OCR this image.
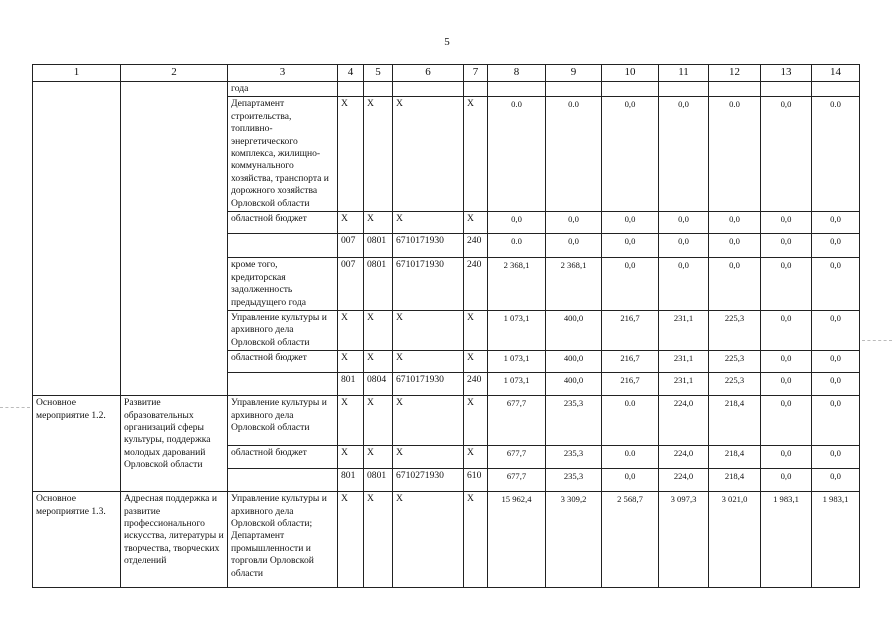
5
1	2	3	4	5	6	7	8	9	10	11	12	13	14
		года											
		Департамент строительства, топливно-энергетического комплекса, жилищно-коммунального хозяйства, транспорта и дорожного хозяйства Орловской области	X	X	X	X	0.0	0.0	0,0	0,0	0.0	0,0	0.0
		областной бюджет	X	X	X	X	0,0	0,0	0,0	0,0	0,0	0,0	0,0
			007	0801	6710171930	240	0.0	0,0	0,0	0,0	0,0	0,0	0,0
		кроме того, кредиторская задолженность предыдущего года	007	0801	6710171930	240	2 368,1	2 368,1	0,0	0,0	0,0	0,0	0,0
		Управление культуры и архивного дела Орловской области	X	X	X	X	1 073,1	400,0	216,7	231,1	225,3	0,0	0,0
		областной бюджет	X	X	X	X	1 073,1	400,0	216,7	231,1	225,3	0,0	0,0
			801	0804	6710171930	240	1 073,1	400,0	216,7	231,1	225,3	0,0	0,0
Основное мероприятие 1.2.	Развитие образовательных организаций сферы культуры, поддержка молодых дарований Орловской области	Управление культуры и архивного дела Орловской области	X	X	X	X	677,7	235,3	0.0	224,0	218,4	0,0	0,0
		областной бюджет	X	X	X	X	677,7	235,3	0.0	224,0	218,4	0,0	0,0
			801	0801	6710271930	610	677,7	235,3	0,0	224,0	218,4	0,0	0,0
Основное мероприятие 1.3.	Адресная поддержка и развитие профессионального искусства, литературы и творчества, творческих отделений	Управление культуры и архивного дела Орловской области; Департамент промышленности и торговли Орловской области	X	X	X	X	15 962,4	3 309,2	2 568,7	3 097,3	3 021,0	1 983,1	1 983,1
